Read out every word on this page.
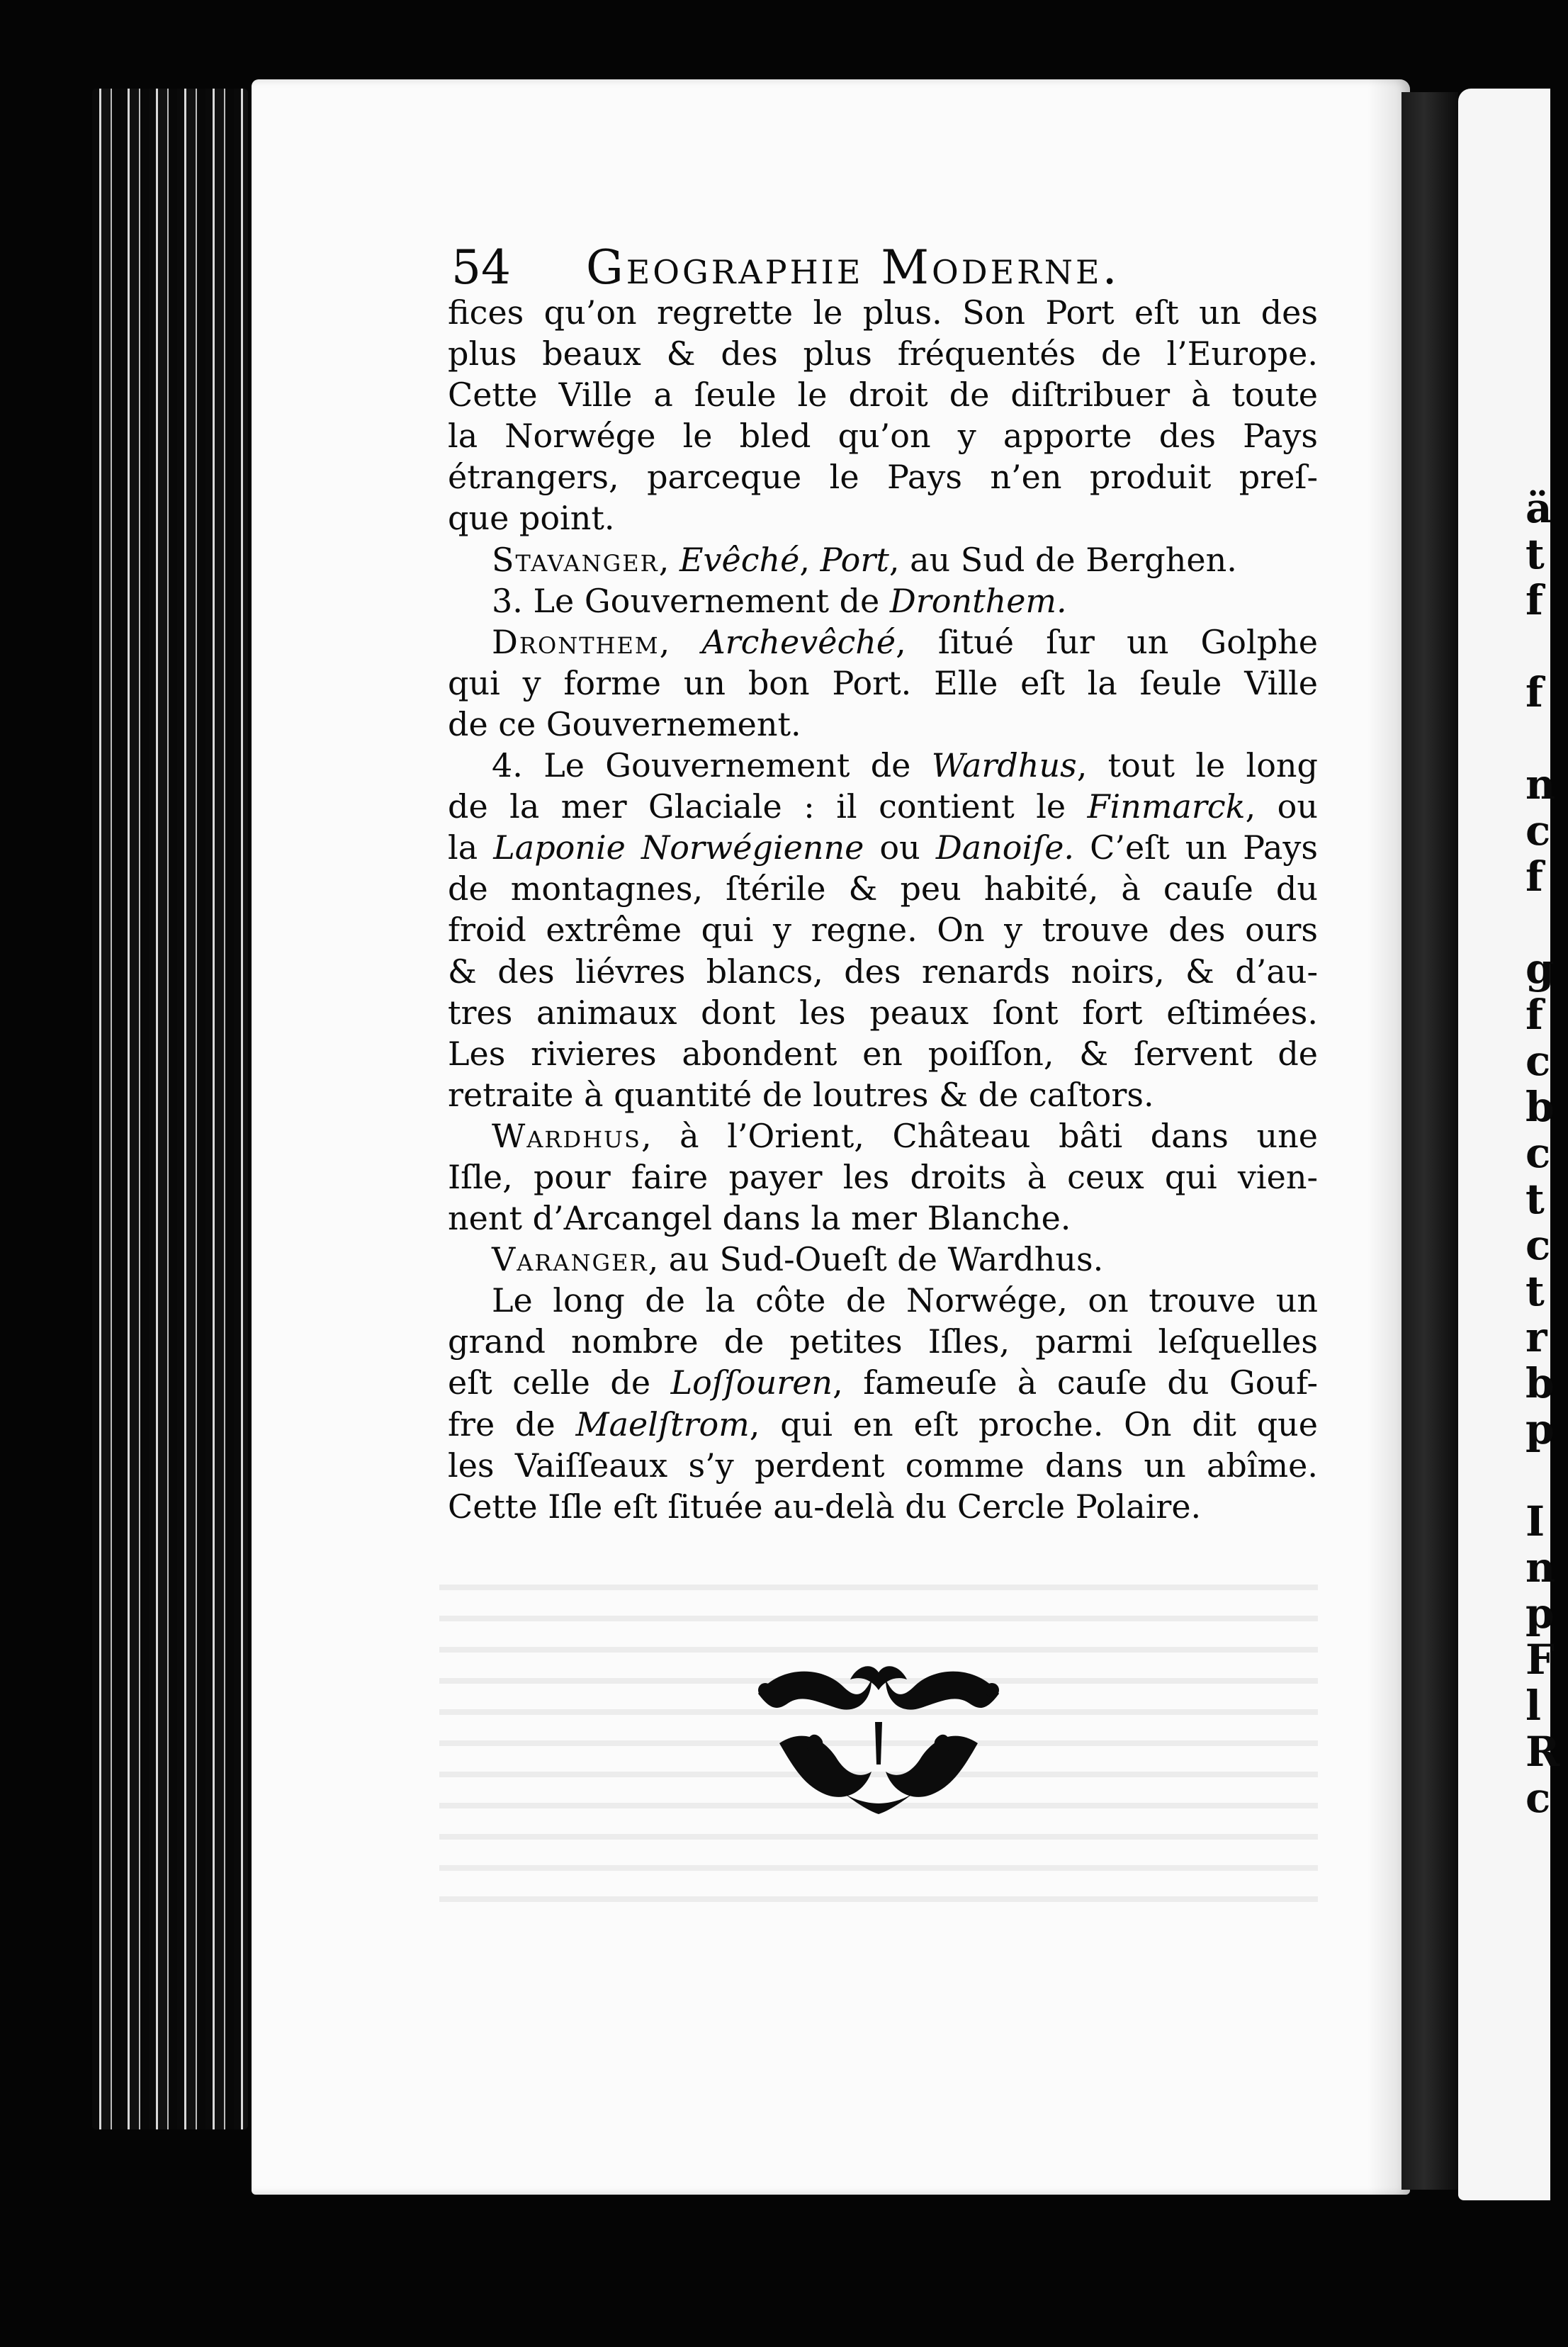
ä
t
f

f

n
c
f

g
f
c
b
c
t
c
t
r
b
p

I
n
p
F
l
R
c
54 Geographie Moderne.
fices qu’on regrette le plus. Son Port eſt un des
plus beaux & des plus fréquentés de l’Europe.
Cette Ville a ſeule le droit de diſtribuer à toute
la Norwége le bled qu’on y apporte des Pays
étrangers, parceque le Pays n’en produit preſ-
que point.
Stavanger, Evêché, Port, au Sud de Berghen.
3. Le Gouvernement de Dronthem.
Dronthem, Archevêché, ſitué ſur un Golphe
qui y forme un bon Port. Elle eſt la ſeule Ville
de ce Gouvernement.
4. Le Gouvernement de Wardhus, tout le long
de la mer Glaciale : il contient le Finmarck, ou
la Laponie Norwégienne ou Danoiſe. C’eſt un Pays
de montagnes, ſtérile & peu habité, à cauſe du
froid extrême qui y regne. On y trouve des ours
& des liévres blancs, des renards noirs, & d’au-
tres animaux dont les peaux ſont fort eſtimées.
Les rivieres abondent en poiſſon, & ſervent de
retraite à quantité de loutres & de caſtors.
Wardhus, à l’Orient, Château bâti dans une
Iſle, pour faire payer les droits à ceux qui vien-
nent d’Arcangel dans la mer Blanche.
Varanger, au Sud-Oueſt de Wardhus.
Le long de la côte de Norwége, on trouve un
grand nombre de petites Iſles, parmi leſquelles
eſt celle de Loſſouren, fameuſe à cauſe du Gouf-
fre de Maelſtrom, qui en eſt proche. On dit que
les Vaiſſeaux s’y perdent comme dans un abîme.
Cette Iſle eſt ſituée au-delà du Cercle Polaire.
